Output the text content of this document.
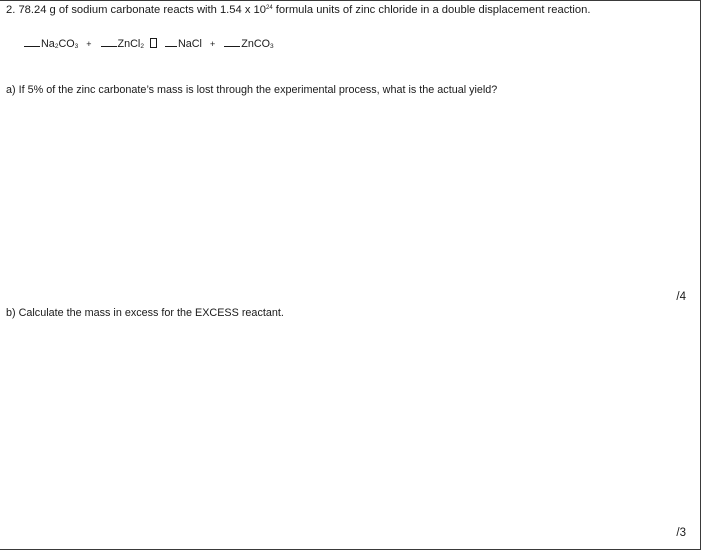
2. 78.24 g of sodium carbonate reacts with 1.54 x $10^{24}$ formula units of zinc chloride in a double displacement reaction.
$Na_2CO_3$ + ZnCl$_2$	NaCl + ZnCO$_3$
a) If 5% of the zinc carbonate’s mass is lost through the experimental process, what is the actual yield?
/4
b) Calculate the mass in excess for the EXCESS reactant.
/3
